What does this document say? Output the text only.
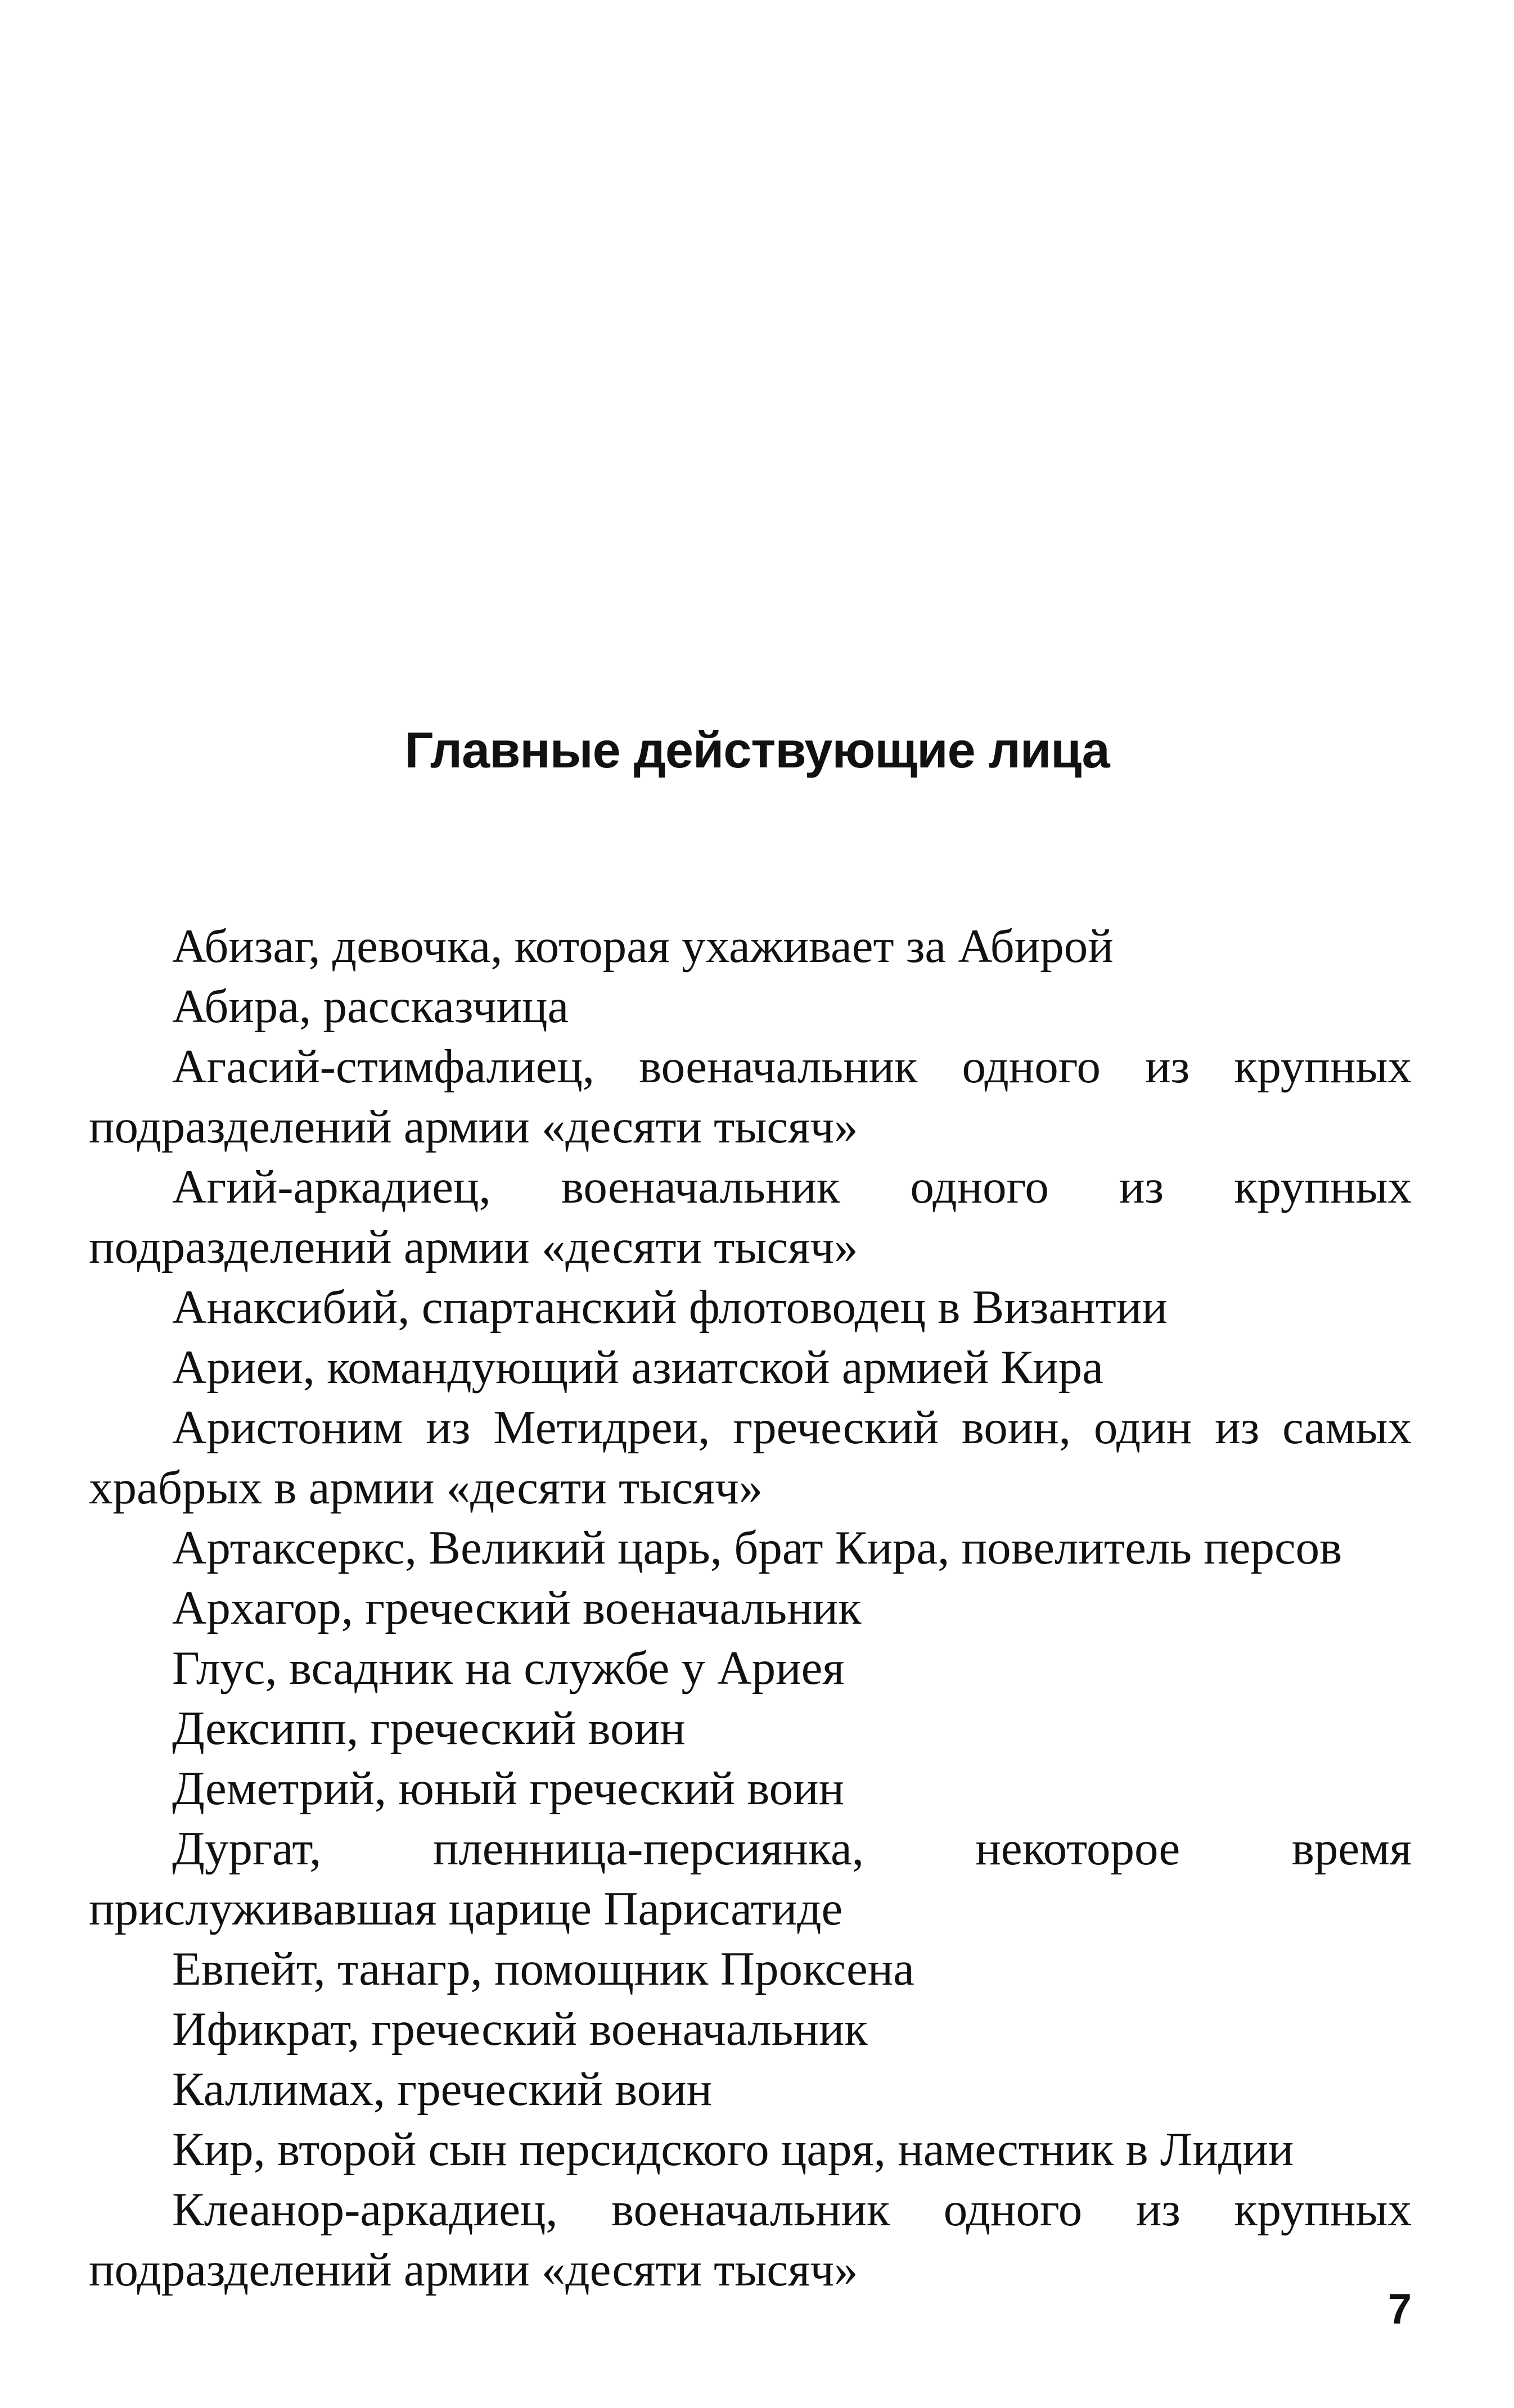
Главные действующие лица
Абизаг, девочка, которая ухаживает за Абирой
Абира, рассказчица
Агасий-стимфалиец, военачальник одного из крупных подразделений армии «десяти тысяч»
Агий-аркадиец, военачальник одного из крупных подразделений армии «десяти тысяч»
Анаксибий, спартанский флотоводец в Византии
Ариеи, командующий азиатской армией Кира
Аристоним из Метидреи, греческий воин, один из самых храбрых в армии «десяти тысяч»
Артаксеркс, Великий царь, брат Кира, повелитель персов
Архагор, греческий военачальник
Глус, всадник на службе у Ариея
Дексипп, греческий воин
Деметрий, юный греческий воин
Дургат, пленница-персиянка, некоторое время прислуживавшая царице Парисатиде
Евпейт, танагр, помощник Проксена
Ификрат, греческий военачальник
Каллимах, греческий воин
Кир, второй сын персидского царя, наместник в Лидии
Клеанор-аркадиец, военачальник одного из крупных подразделений армии «десяти тысяч»
7
